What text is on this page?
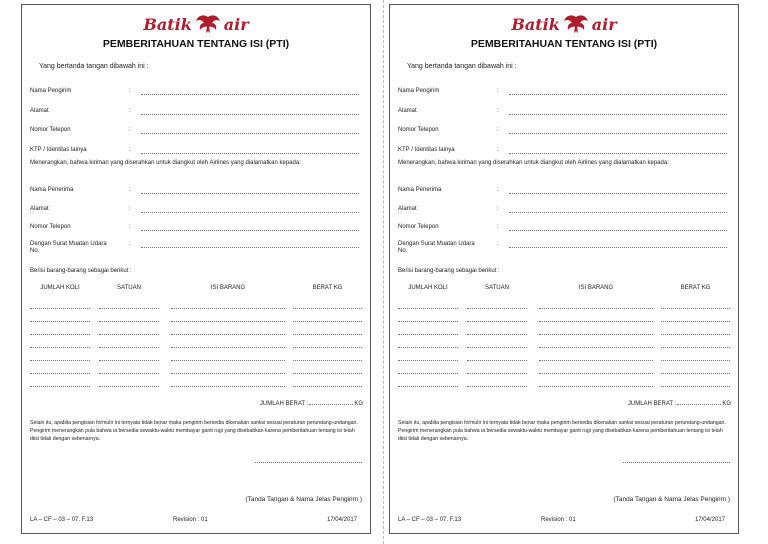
Batik air
PEMBERITAHUAN TENTANG ISI (PTI)
Yang bertanda tangan dibawah ini :
Nama Pengirim	:
Alamat	:
Nomor Telepon	:
KTP / Identitas lainya	:
Menerangkan, bahwa kiriman yang diserahkan untuk diangkut oleh Airlines yang dialamatkan kepada:
Nama Penerima	:
Alamat	:
Nomor Telepon	:
Dengan Surat Muatan Udara No
:
Berisi barang-barang sebagai berikut :
JUMLAH KOLI	SATUAN	ISI BARANG	BERAT KG
JUMLAH BERAT :	KG
Selain itu, apabila pengisian formulir ini ternyata tidak benar maka pengirim bersedia dikenakan sanksi sesuai peraturan perundang-undangan. Pengirim menerangkan pula bahwa ia bersedia sewaktu-waktu membayar ganti rugi yang disebabkan karena pemberitahuan tentang isi telah diisi tidak dengan sebenarnya.
(Tanda Tangan & Nama Jelas Pengirim )
LA – CF – 03 – 07. F.13	Revision : 01	17/04/2017
Batik air
PEMBERITAHUAN TENTANG ISI (PTI)
Yang bertanda tangan dibawah ini :
Nama Pengirim	:
Alamat	:
Nomor Telepon	:
KTP / Identitas lainya	:
Menerangkan, bahwa kiriman yang diserahkan untuk diangkut oleh Airlines yang dialamatkan kepada:
Nama Penerima	:
Alamat	:
Nomor Telepon	:
Dengan Surat Muatan Udara No
:
Berisi barang-barang sebagai berikut :
JUMLAH KOLI	SATUAN	ISI BARANG	BERAT KG
JUMLAH BERAT :	KG
Selain itu, apabila pengisian formulir ini ternyata tidak benar maka pengirim bersedia dikenakan sanksi sesuai peraturan perundang-undangan. Pengirim menerangkan pula bahwa ia bersedia sewaktu-waktu membayar ganti rugi yang disebabkan karena pemberitahuan tentang isi telah diisi tidak dengan sebenarnya.
(Tanda Tangan & Nama Jelas Pengirim )
LA – CF – 03 – 07. F.13	Revision : 01	17/04/2017
